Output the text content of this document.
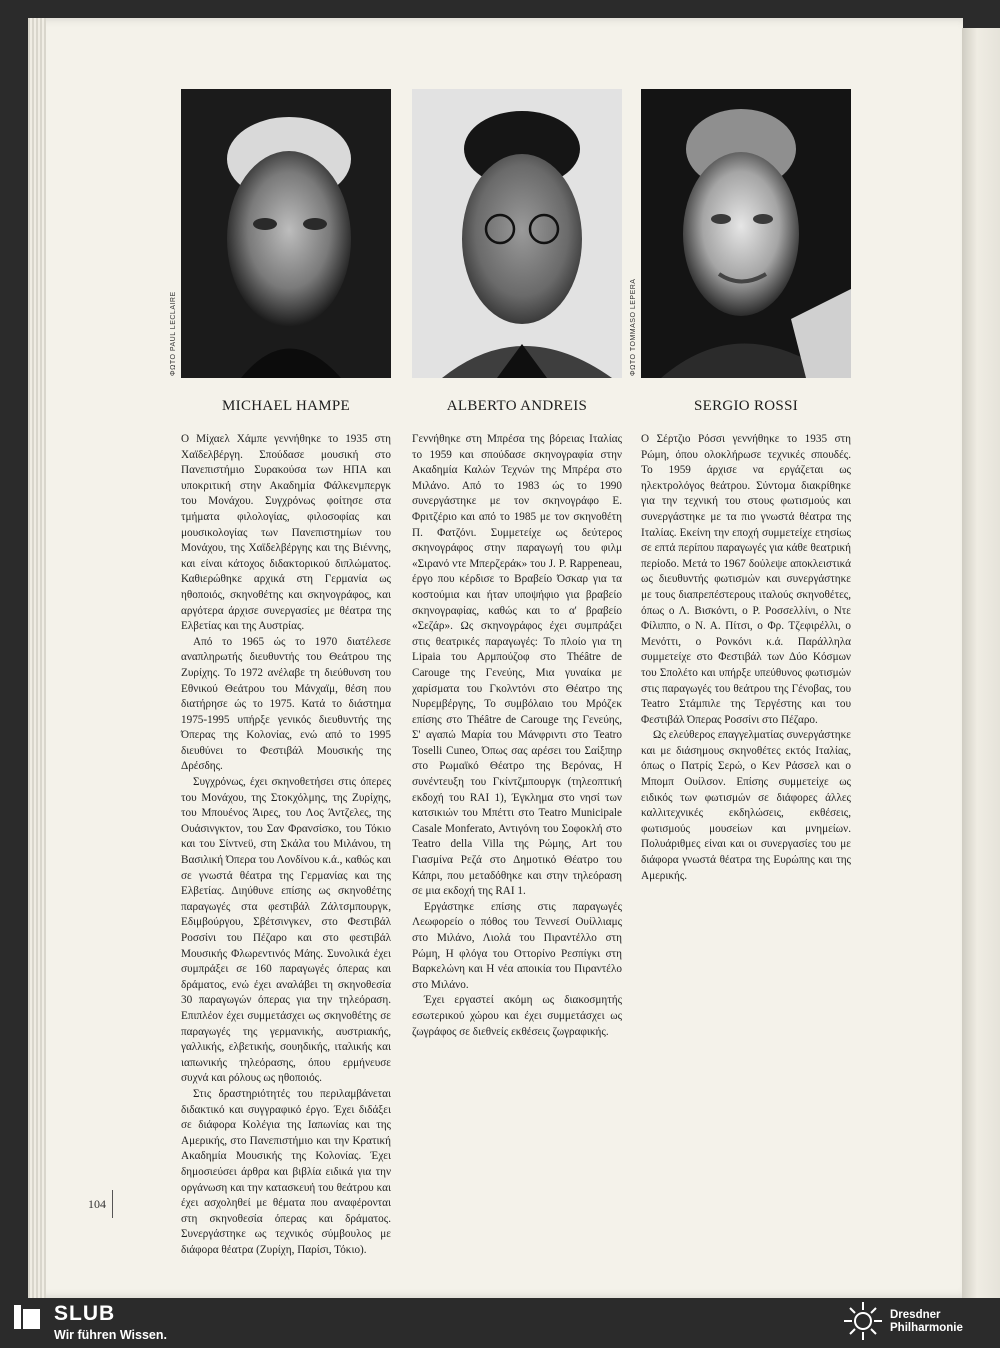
ΦΩΤΟ PAUL LECLAIRE	ΦΩΤΟ TOMMASO LEPERA
MICHAEL HAMPE	ALBERTO ANDREIS	SERGIO ROSSI

Ο Μίχαελ Χάμπε γεννήθηκε το 1935 στη Χαϊδελβέργη. Σπούδασε μουσική στο Πανεπιστήμιο Συρακούσα των ΗΠΑ και υποκριτική στην Ακαδημία Φάλκενμπεργκ του Μονάχου. Συγχρόνως φοίτησε στα τμήματα φιλολογίας, φιλοσοφίας και μουσικολογίας των Πανεπιστημίων του Μονάχου, της Χαϊδελβέργης και της Βιέννης, και είναι κάτοχος διδακτορικού διπλώματος. Καθιερώθηκε αρχικά στη Γερμανία ως ηθοποιός, σκηνοθέτης και σκηνογράφος, και αργότερα άρχισε συνεργασίες με θέατρα της Ελβετίας και της Αυστρίας.

Από το 1965 ώς το 1970 διατέλεσε αναπληρωτής διευθυντής του Θεάτρου της Ζυρίχης. Το 1972 ανέλαβε τη διεύθυνση του Εθνικού Θεάτρου του Μάνχαϊμ, θέση που διατήρησε ώς το 1975. Κατά το διάστημα 1975-1995 υπήρξε γενικός διευθυντής της Όπερας της Κολονίας, ενώ από το 1995 διευθύνει το Φεστιβάλ Μουσικής της Δρέσδης.

Συγχρόνως, έχει σκηνοθετήσει στις όπερες του Μονάχου, της Στοκχόλμης, της Ζυρίχης, του Μπουένος Άιρες, του Λος Άντζελες, της Ουάσινγκτον, του Σαν Φρανσίσκο, του Τόκιο και του Σίντνεϋ, στη Σκάλα του Μιλάνου, τη Βασιλική Όπερα του Λονδίνου κ.ά., καθώς και σε γνωστά θέατρα της Γερμανίας και της Ελβετίας. Διηύθυνε επίσης ως σκηνοθέτης παραγωγές στα φεστιβάλ Ζάλτσμπουργκ, Εδιμβούργου, Σβέτσινγκεν, στο Φεστιβάλ Ροσσίνι του Πέζαρο και στο φεστιβάλ Μουσικής Φλωρεντινός Μάης. Συνολικά έχει συμπράξει σε 160 παραγωγές όπερας και δράματος, ενώ έχει αναλάβει τη σκηνοθεσία 30 παραγωγών όπερας για την τηλεόραση. Επιπλέον έχει συμμετάσχει ως σκηνοθέτης σε παραγωγές της γερμανικής, αυστριακής, γαλλικής, ελβετικής, σουηδικής, ιταλικής και ιαπωνικής τηλεόρασης, όπου ερμήνευσε συχνά και ρόλους ως ηθοποιός.

Στις δραστηριότητές του περιλαμβάνεται διδακτικό και συγγραφικό έργο. Έχει διδάξει σε διάφορα Κολέγια της Ιαπωνίας και της Αμερικής, στο Πανεπιστήμιο και την Κρατική Ακαδημία Μουσικής της Κολονίας. Έχει δημοσιεύσει άρθρα και βιβλία ειδικά για την οργάνωση και την κατασκευή του θεάτρου και έχει ασχοληθεί με θέματα που αναφέρονται στη σκηνοθεσία όπερας και δράματος. Συνεργάστηκε ως τεχνικός σύμβουλος με διάφορα θέατρα (Ζυρίχη, Παρίσι, Τόκιο).

Γεννήθηκε στη Μπρέσα της βόρειας Ιταλίας το 1959 και σπούδασε σκηνογραφία στην Ακαδημία Καλών Τεχνών της Μπρέρα στο Μιλάνο. Από το 1983 ώς το 1990 συνεργάστηκε με τον σκηνογράφο Ε. Φριτζέριο και από το 1985 με τον σκηνοθέτη Π. Φατζόνι. Συμμετείχε ως δεύτερος σκηνογράφος στην παραγωγή του φιλμ «Σιρανό ντε Μπερζεράκ» του J. P. Rappeneau, έργο που κέρδισε το Βραβείο Όσκαρ για τα κοστούμια και ήταν υποψήφιο για βραβείο σκηνογραφίας, καθώς και το α' βραβείο «Σεζάρ». Ως σκηνογράφος έχει συμπράξει στις θεατρικές παραγωγές: Το πλοίο για τη Lipaia του Αρμπούζοφ στο Théâtre de Carouge της Γενεύης, Μια γυναίκα με χαρίσματα του Γκολντόνι στο Θέατρο της Νυρεμβέργης, Το συμβόλαιο του Μρόζεκ επίσης στο Théâtre de Carouge της Γενεύης, Σ' αγαπώ Μαρία του Μάνφριντι στο Teatro Toselli Cuneo, Όπως σας αρέσει του Σαίξπηρ στο Ρωμαϊκό Θέατρο της Βερόνας, Η συνέντευξη του Γκίντζμπουργκ (τηλεοπτική εκδοχή του RAI 1), Έγκλημα στο νησί των κατσικιών του Μπέττι στο Teatro Municipale Casale Monferato, Αντιγόνη του Σοφοκλή στο Teatro della Villa της Ρώμης, Art του Γιασμίνα Ρεζά στο Δημοτικό Θέατρο του Κάπρι, που μεταδόθηκε και στην τηλεόραση σε μια εκδοχή της RAI 1.

Εργάστηκε επίσης στις παραγωγές Λεωφορείο ο πόθος του Τεννεσί Ουίλλιαμς στο Μιλάνο, Λιολά του Πιραντέλλο στη Ρώμη, Η φλόγα του Οττορίνο Ρεσπίγκι στη Βαρκελώνη και Η νέα αποικία του Πιραντέλο στο Μιλάνο.

Έχει εργαστεί ακόμη ως διακοσμητής εσωτερικού χώρου και έχει συμμετάσχει ως ζωγράφος σε διεθνείς εκθέσεις ζωγραφικής.

Ο Σέρτζιο Ρόσσι γεννήθηκε το 1935 στη Ρώμη, όπου ολοκλήρωσε τεχνικές σπουδές. Το 1959 άρχισε να εργάζεται ως ηλεκτρολόγος θεάτρου. Σύντομα διακρίθηκε για την τεχνική του στους φωτισμούς και συνεργάστηκε με τα πιο γνωστά θέατρα της Ιταλίας. Εκείνη την εποχή συμμετείχε ετησίως σε επτά περίπου παραγωγές για κάθε θεατρική περίοδο. Μετά το 1967 δούλεψε αποκλειστικά ως διευθυντής φωτισμών και συνεργάστηκε με τους διαπρεπέστερους ιταλούς σκηνοθέτες, όπως ο Λ. Βισκόντι, ο Ρ. Ροσσελλίνι, ο Ντε Φίλιππο, ο Ν. Α. Πίτσι, ο Φρ. Τζεφιρέλλι, ο Μενόττι, ο Ρονκόνι κ.ά. Παράλληλα συμμετείχε στο Φεστιβάλ των Δύο Κόσμων του Σπολέτο και υπήρξε υπεύθυνος φωτισμών στις παραγωγές του θεάτρου της Γένοβας, του Teatro Στάμπιλε της Τεργέστης και του Φεστιβάλ Όπερας Ροσσίνι στο Πέζαρο.

Ως ελεύθερος επαγγελματίας συνεργάστηκε και με διάσημους σκηνοθέτες εκτός Ιταλίας, όπως ο Πατρίς Σερώ, ο Κεν Ράσσελ και ο Μπομπ Ουίλσον. Επίσης συμμετείχε ως ειδικός των φωτισμών σε διάφορες άλλες καλλιτεχνικές εκδηλώσεις, εκθέσεις, φωτισμούς μουσείων και μνημείων. Πολυάριθμες είναι και οι συνεργασίες του με διάφορα γνωστά θέατρα της Ευρώπης και της Αμερικής.

104
SLUB
Wir führen Wissen.
Dresdner
Philharmonie
